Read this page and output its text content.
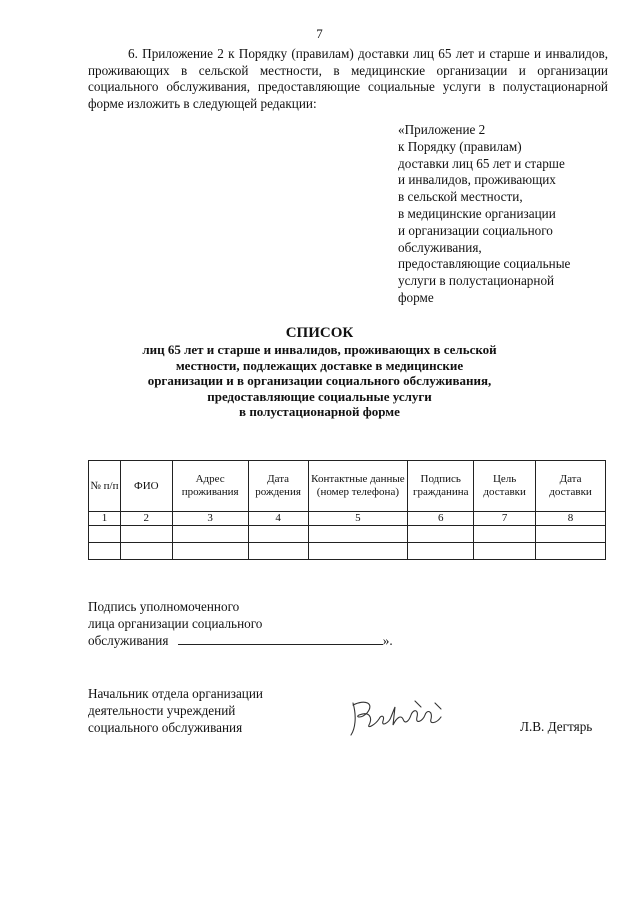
7

6. Приложение 2 к Порядку (правилам) доставки лиц 65 лет и старше и инвалидов, проживающих в сельской местности, в медицинские организации и организации социального обслуживания, предоставляющие социальные услуги в полустационарной форме изложить в следующей редакции:

«Приложение 2
к Порядку (правилам)
доставки лиц 65 лет и старше
и инвалидов, проживающих
в сельской местности,
в медицинские организации
и организации социального
обслуживания,
предоставляющие социальные
услуги в полустационарной
форме
СПИСОК
лиц 65 лет и старше и инвалидов, проживающих в сельской
местности, подлежащих доставке в медицинские
организации и в организации социального обслуживания,
предоставляющие социальные услуги
в полустационарной форме
№ п/п	ФИО	Адрес проживания	Дата рождения	Контактные данные (номер телефона)	Подпись гражданина	Цель доставки	Дата доставки
1	2	3	4	5	6	7	8

Подпись уполномоченного
лица организации социального
обслуживания	».
Начальник отдела организации
деятельности учреждений
социального обслуживания	Л.В. Дегтярь
